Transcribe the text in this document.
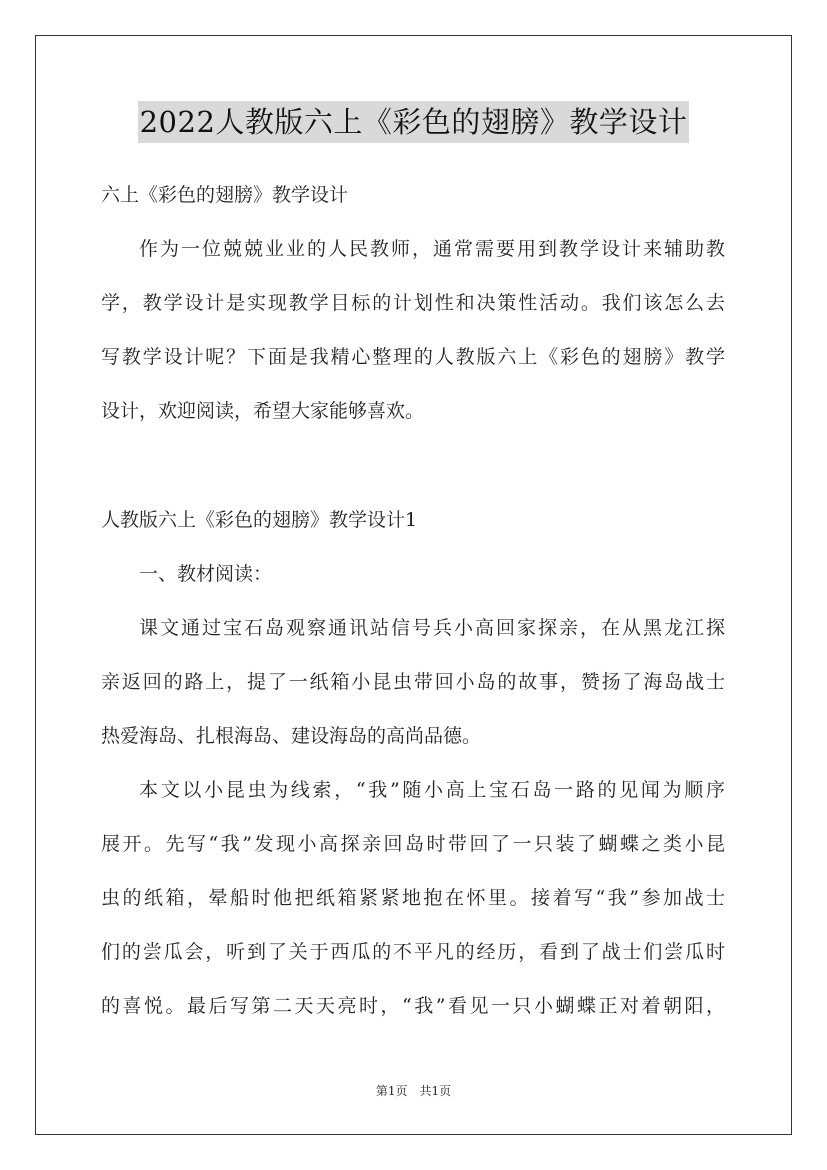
2022人教版六上《彩色的翅膀》教学设计
六上《彩色的翅膀》教学设计
作为一位兢兢业业的人民教师，通常需要用到教学设计来辅助教
学，教学设计是实现教学目标的计划性和决策性活动。我们该怎么去
写教学设计呢？下面是我精心整理的人教版六上《彩色的翅膀》教学
设计，欢迎阅读，希望大家能够喜欢。
人教版六上《彩色的翅膀》教学设计1
一、教材阅读：
课文通过宝石岛观察通讯站信号兵小高回家探亲，在从黑龙江探
亲返回的路上，提了一纸箱小昆虫带回小岛的故事，赞扬了海岛战士
热爱海岛、扎根海岛、建设海岛的高尚品德。
本文以小昆虫为线索，“我”随小高上宝石岛一路的见闻为顺序
展开。先写“我”发现小高探亲回岛时带回了一只装了蝴蝶之类小昆
虫的纸箱，晕船时他把纸箱紧紧地抱在怀里。接着写“我”参加战士
们的尝瓜会，听到了关于西瓜的不平凡的经历，看到了战士们尝瓜时
的喜悦。最后写第二天天亮时，“我”看见一只小蝴蝶正对着朝阳，
第1页　共1页
